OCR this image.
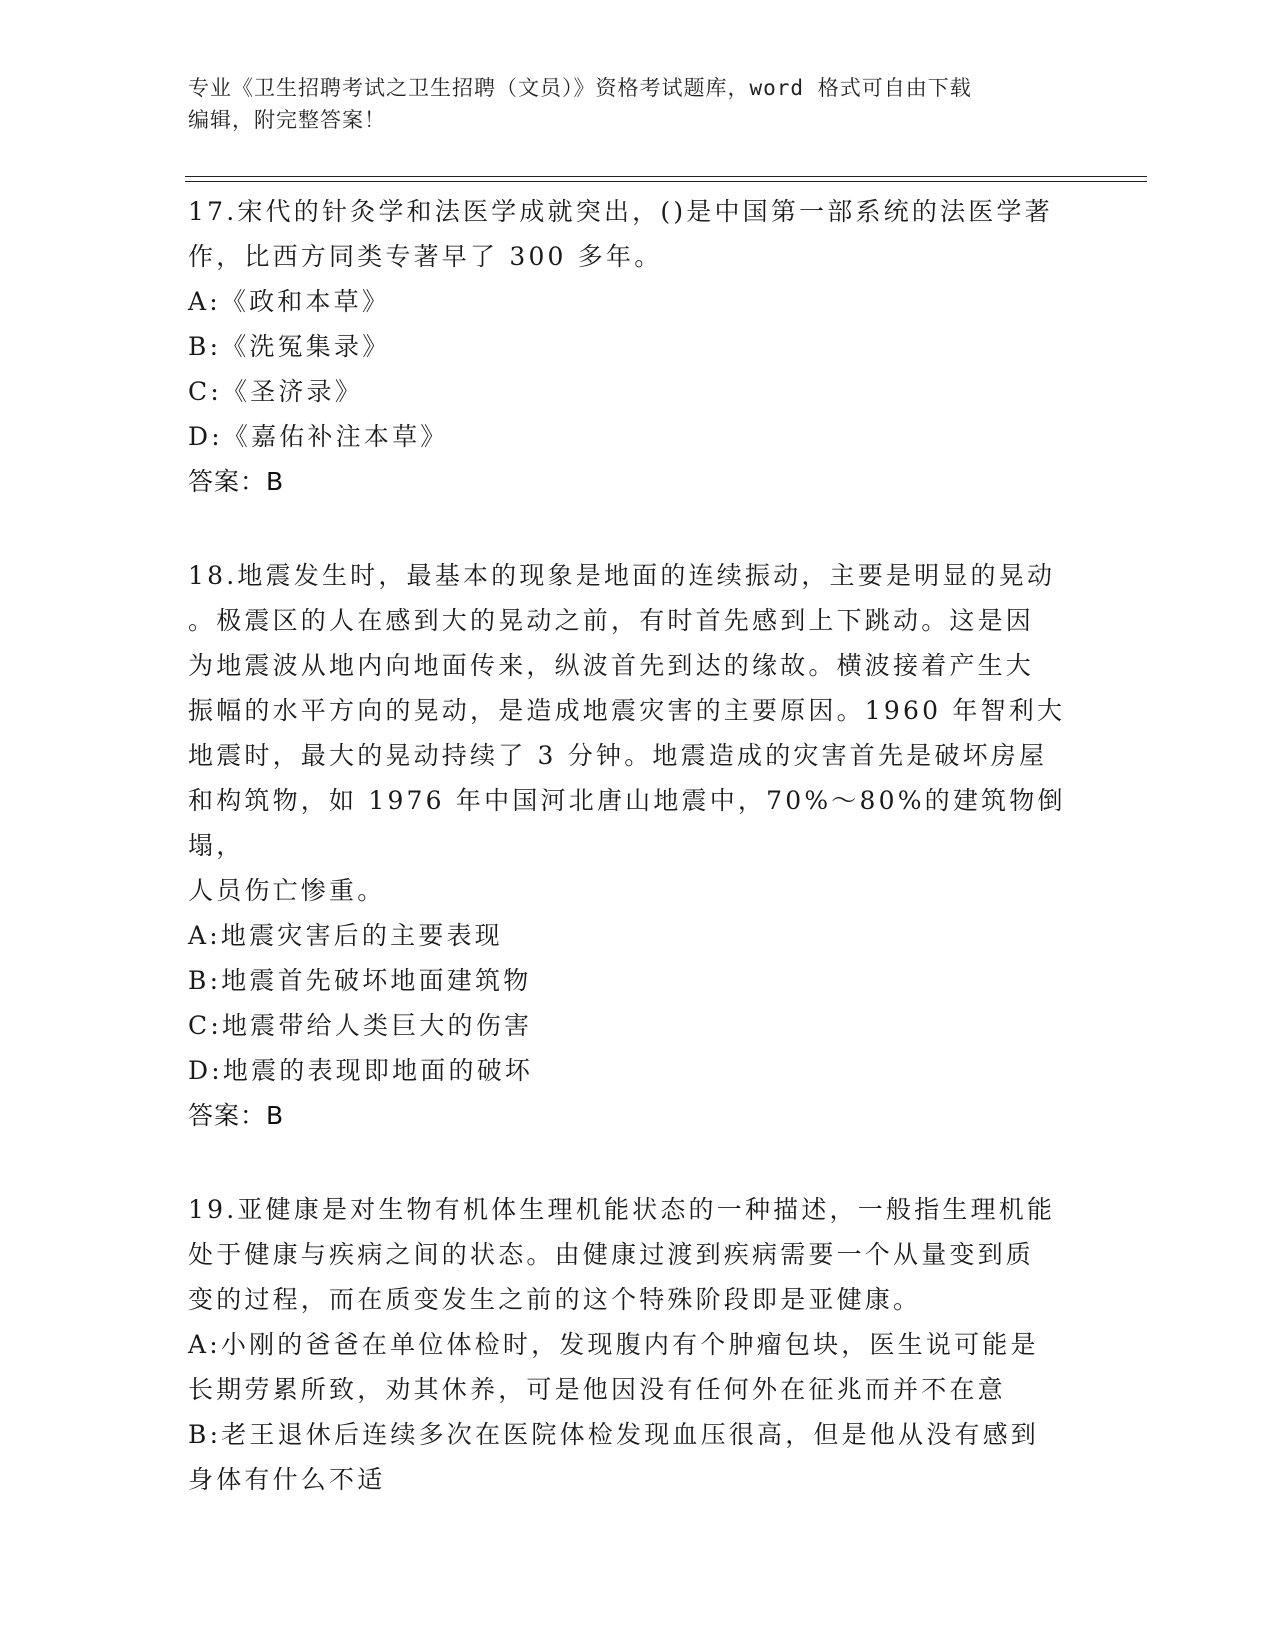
专业《卫生招聘考试之卫生招聘（文员）》资格考试题库，word 格式可自由下载
编辑，附完整答案！

17.宋代的针灸学和法医学成就突出，()是中国第一部系统的法医学著

作，比西方同类专著早了 300 多年。

A:《政和本草》

B:《洗冤集录》

C:《圣济录》

D:《嘉佑补注本草》

答案：B

18.地震发生时，最基本的现象是地面的连续振动，主要是明显的晃动

。极震区的人在感到大的晃动之前，有时首先感到上下跳动。这是因

为地震波从地内向地面传来，纵波首先到达的缘故。横波接着产生大

振幅的水平方向的晃动，是造成地震灾害的主要原因。1960 年智利大

地震时，最大的晃动持续了 3 分钟。地震造成的灾害首先是破坏房屋

和构筑物，如 1976 年中国河北唐山地震中，70%～80%的建筑物倒塌，

人员伤亡惨重。

A:地震灾害后的主要表现

B:地震首先破坏地面建筑物

C:地震带给人类巨大的伤害

D:地震的表现即地面的破坏

答案：B

19.亚健康是对生物有机体生理机能状态的一种描述，一般指生理机能

处于健康与疾病之间的状态。由健康过渡到疾病需要一个从量变到质

变的过程，而在质变发生之前的这个特殊阶段即是亚健康。

A:小刚的爸爸在单位体检时，发现腹内有个肿瘤包块，医生说可能是

长期劳累所致，劝其休养，可是他因没有任何外在征兆而并不在意

B:老王退休后连续多次在医院体检发现血压很高，但是他从没有感到

身体有什么不适
